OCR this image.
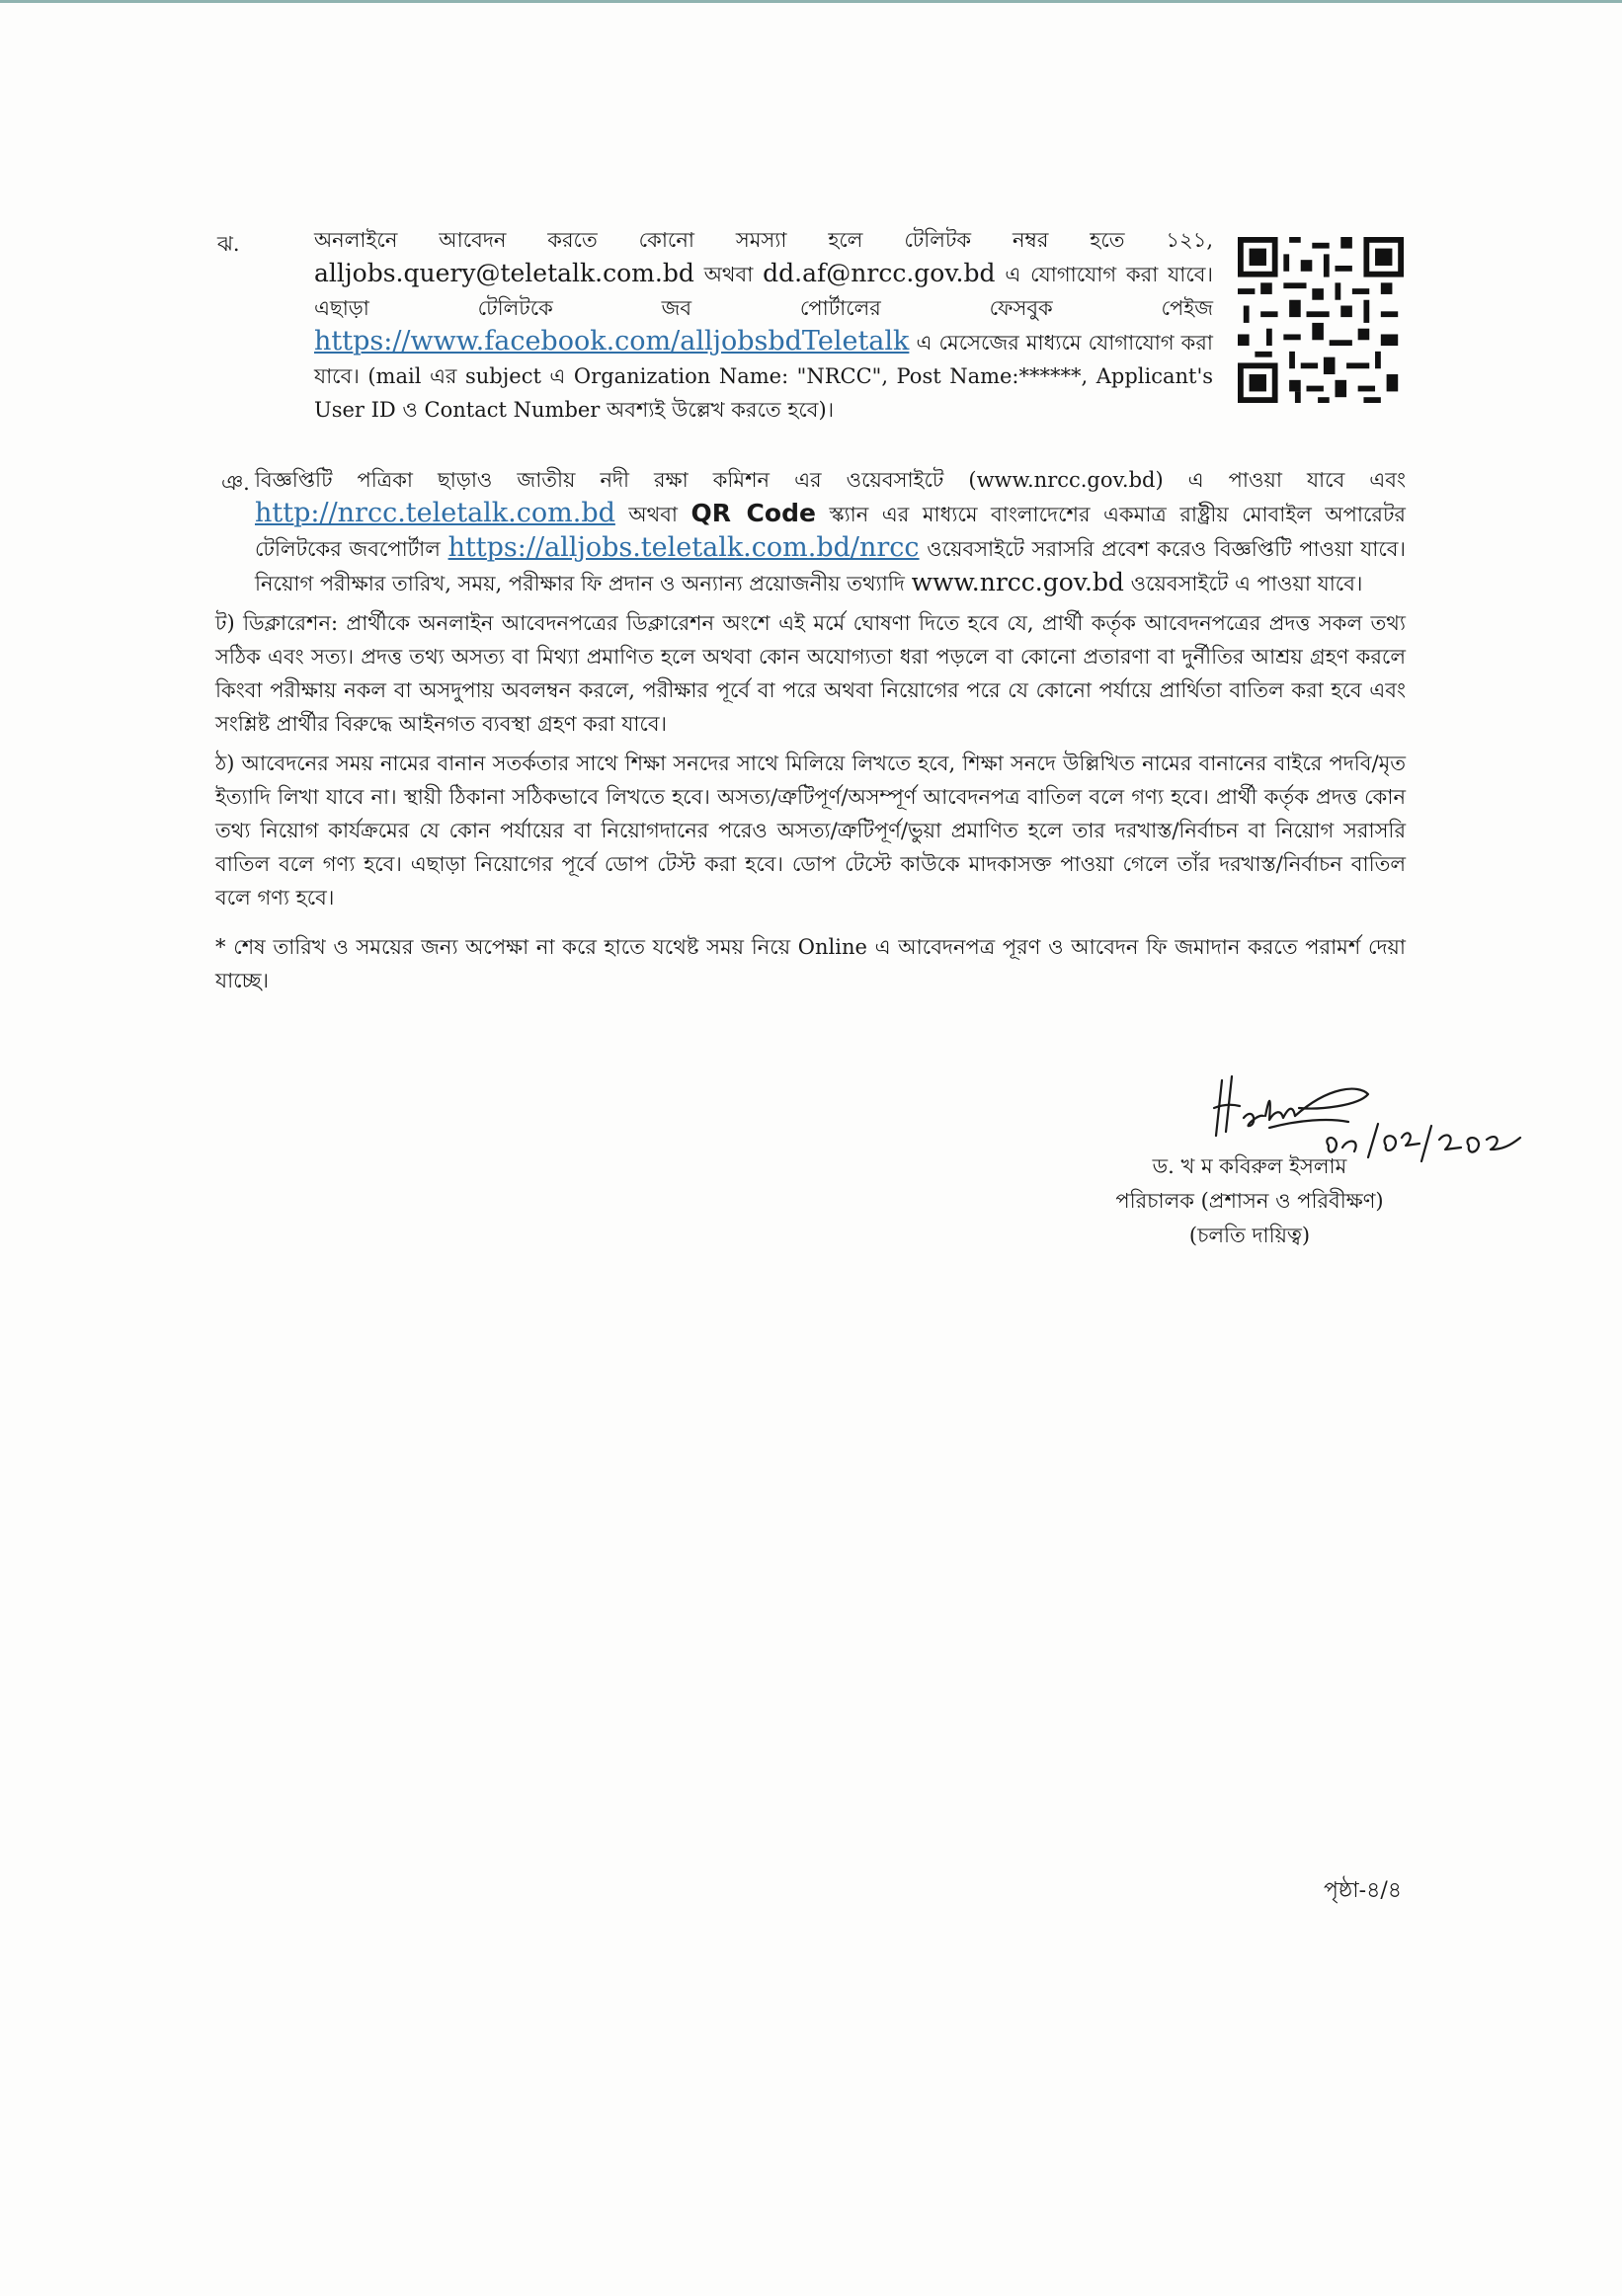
ঝ.	অনলাইনে আবেদন করতে কোনো সমস্যা হলে টেলিটক নম্বর হতে ১২১, alljobs.query@teletalk.com.bd অথবা dd.af@nrcc.gov.bd এ যোগাযোগ করা যাবে। এছাড়া টেলিটকে জব পোর্টালের ফেসবুক পেইজ https://www.facebook.com/alljobsbdTeletalk এ মেসেজের মাধ্যমে যোগাযোগ করা যাবে। (mail এর subject এ Organization Name: "NRCC", Post Name:******, Applicant's User ID ও Contact Number অবশ্যই উল্লেখ করতে হবে)।
ঞ. বিজ্ঞপ্তিটি পত্রিকা ছাড়াও জাতীয় নদী রক্ষা কমিশন এর ওয়েবসাইটে (www.nrcc.gov.bd) এ পাওয়া যাবে এবং http://nrcc.teletalk.com.bd অথবা QR Code স্ক্যান এর মাধ্যমে বাংলাদেশের একমাত্র রাষ্ট্রীয় মোবাইল অপারেটর টেলিটকের জবপোর্টাল https://alljobs.teletalk.com.bd/nrcc ওয়েবসাইটে সরাসরি প্রবেশ করেও বিজ্ঞপ্তিটি পাওয়া যাবে। নিয়োগ পরীক্ষার তারিখ, সময়, পরীক্ষার ফি প্রদান ও অন্যান্য প্রয়োজনীয় তথ্যাদি www.nrcc.gov.bd ওয়েবসাইটে এ পাওয়া যাবে।
ট) ডিক্লারেশন: প্রার্থীকে অনলাইন আবেদনপত্রের ডিক্লারেশন অংশে এই মর্মে ঘোষণা দিতে হবে যে, প্রার্থী কর্তৃক আবেদনপত্রের প্রদত্ত সকল তথ্য সঠিক এবং সত্য। প্রদত্ত তথ্য অসত্য বা মিথ্যা প্রমাণিত হলে অথবা কোন অযোগ্যতা ধরা পড়লে বা কোনো প্রতারণা বা দুর্নীতির আশ্রয় গ্রহণ করলে কিংবা পরীক্ষায় নকল বা অসদুপায় অবলম্বন করলে, পরীক্ষার পূর্বে বা পরে অথবা নিয়োগের পরে যে কোনো পর্যায়ে প্রার্থিতা বাতিল করা হবে এবং সংশ্লিষ্ট প্রার্থীর বিরুদ্ধে আইনগত ব্যবস্থা গ্রহণ করা যাবে।
ঠ) আবেদনের সময় নামের বানান সতর্কতার সাথে শিক্ষা সনদের সাথে মিলিয়ে লিখতে হবে, শিক্ষা সনদে উল্লিখিত নামের বানানের বাইরে পদবি/মৃত ইত্যাদি লিখা যাবে না। স্থায়ী ঠিকানা সঠিকভাবে লিখতে হবে। অসত্য/ত্রুটিপূর্ণ/অসম্পূর্ণ আবেদনপত্র বাতিল বলে গণ্য হবে। প্রার্থী কর্তৃক প্রদত্ত কোন তথ্য নিয়োগ কার্যক্রমের যে কোন পর্যায়ের বা নিয়োগদানের পরেও অসত্য/ত্রুটিপূর্ণ/ভুয়া প্রমাণিত হলে তার দরখাস্ত/নির্বাচন বা নিয়োগ সরাসরি বাতিল বলে গণ্য হবে। এছাড়া নিয়োগের পূর্বে ডোপ টেস্ট করা হবে। ডোপ টেস্টে কাউকে মাদকাসক্ত পাওয়া গেলে তাঁর দরখাস্ত/নির্বাচন বাতিল বলে গণ্য হবে।
* শেষ তারিখ ও সময়ের জন্য অপেক্ষা না করে হাতে যথেষ্ট সময় নিয়ে Online এ আবেদনপত্র পূরণ ও আবেদন ফি জমাদান করতে পরামর্শ দেয়া যাচ্ছে।
ড. খ ম কবিরুল ইসলাম
পরিচালক (প্রশাসন ও পরিবীক্ষণ)
(চলতি দায়িত্ব)
পৃষ্ঠা-৪/৪
